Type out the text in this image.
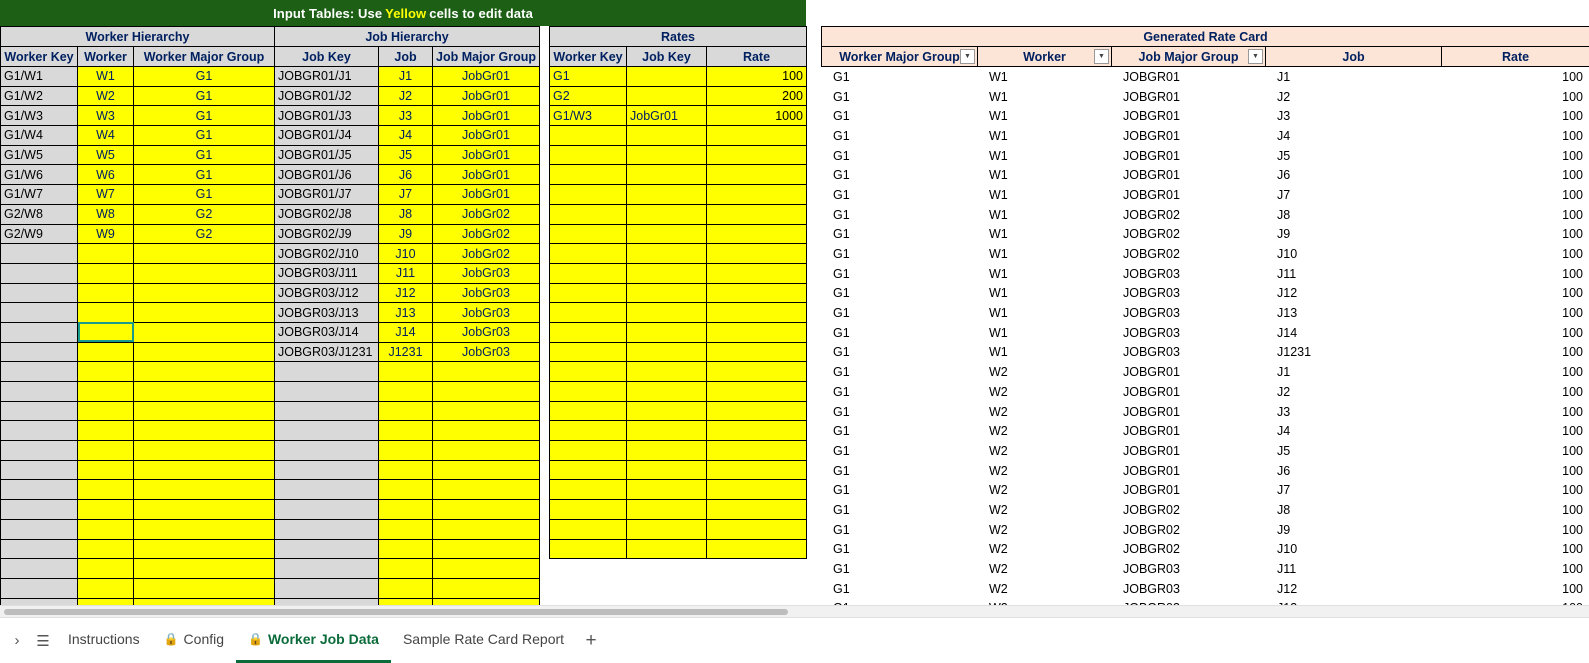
Input Tables: Use Yellow cells to edit data
Worker Hierarchy		
Worker Key	Worker	Worker Major Group
G1/W1	W1	G1
G1/W2	W2	G1
G1/W3	W3	G1
G1/W4	W4	G1
G1/W5	W5	G1
G1/W6	W6	G1
G1/W7	W7	G1
G2/W8	W8	G2
G2/W9	W9	G2

Job Hierarchy		
Job Key	Job	Job Major Group
JOBGR01/J1	J1	JobGr01
JOBGR01/J2	J2	JobGr01
JOBGR01/J3	J3	JobGr01
JOBGR01/J4	J4	JobGr01
JOBGR01/J5	J5	JobGr01
JOBGR01/J6	J6	JobGr01
JOBGR01/J7	J7	JobGr01
JOBGR02/J8	J8	JobGr02
JOBGR02/J9	J9	JobGr02
JOBGR02/J10	J10	JobGr02
JOBGR03/J11	J11	JobGr03
JOBGR03/J12	J12	JobGr03
JOBGR03/J13	J13	JobGr03
JOBGR03/J14	J14	JobGr03
JOBGR03/J1231	J1231	JobGr03

Rates		
Worker Key	Job Key	Rate
G1		100
G2		200
G1/W3	JobGr01	1000

Generated Rate Card
Worker Major Group ▼	Worker	▼	Job Major Group	▼	Job	Rate
G1	W1	JOBGR01	J1	100
G1	W1	JOBGR01	J2	100
G1	W1	JOBGR01	J3	100
G1	W1	JOBGR01	J4	100
G1	W1	JOBGR01	J5	100
G1	W1	JOBGR01	J6	100
G1	W1	JOBGR01	J7	100
G1	W1	JOBGR02	J8	100
G1	W1	JOBGR02	J9	100
G1	W1	JOBGR02	J10	100
G1	W1	JOBGR03	J11	100
G1	W1	JOBGR03	J12	100
G1	W1	JOBGR03	J13	100
G1	W1	JOBGR03	J14	100
G1	W1	JOBGR03	J1231	100
G1	W2	JOBGR01	J1	100
G1	W2	JOBGR01	J2	100
G1	W2	JOBGR01	J3	100
G1	W2	JOBGR01	J4	100
G1	W2	JOBGR01	J5	100
G1	W2	JOBGR01	J6	100
G1	W2	JOBGR01	J7	100
G1	W2	JOBGR02	J8	100
G1	W2	JOBGR02	J9	100
G1	W2	JOBGR02	J10	100
G1	W2	JOBGR03	J11	100
G1	W2	JOBGR03	J12	100

›	☰	Instructions 🔒 Config 🔒 Worker Job Data Sample Rate Card Report	+
